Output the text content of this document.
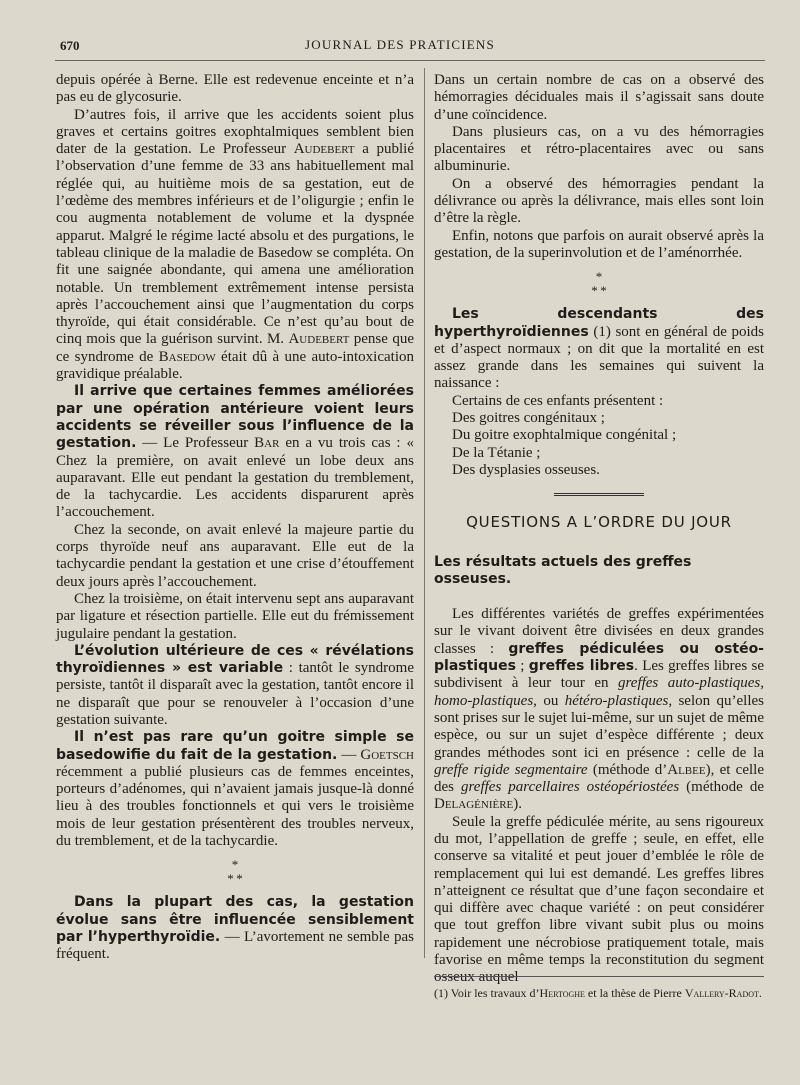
670	JOURNAL DES PRATICIENS

depuis opérée à Berne. Elle est redevenue enceinte et n’a pas eu de glycosurie.

D’autres fois, il arrive que les accidents soient plus graves et certains goitres exophtalmiques semblent bien dater de la gestation. Le Professeur Audebert a publié l’observation d’une femme de 33 ans habituellement mal réglée qui, au huitième mois de sa gestation, eut de l’œdème des membres inférieurs et de l’oligurgie ; enfin le cou augmenta notablement de volume et la dyspnée apparut. Malgré le régime lacté absolu et des purgations, le tableau clinique de la maladie de Basedow se compléta. On fit une saignée abondante, qui amena une amélioration notable. Un tremblement extrêmement intense persista après l’accouchement ainsi que l’augmentation du corps thyroïde, qui était considérable. Ce n’est qu’au bout de cinq mois que la guérison survint. M. Audebert pense que ce syndrome de Basedow était dû à une auto-intoxication gravidique préalable.

Il arrive que certaines femmes améliorées par une opération antérieure voient leurs accidents se réveiller sous l’influence de la gestation. — Le Professeur Bar en a vu trois cas : « Chez la première, on avait enlevé un lobe deux ans auparavant. Elle eut pendant la gestation du tremblement, de la tachycardie. Les accidents disparurent après l’accouchement.

Chez la seconde, on avait enlevé la majeure partie du corps thyroïde neuf ans auparavant. Elle eut de la tachycardie pendant la gestation et une crise d’étouffement deux jours après l’accouchement.

Chez la troisième, on était intervenu sept ans auparavant par ligature et résection partielle. Elle eut du frémissement jugulaire pendant la gestation.

L’évolution ultérieure de ces « révélations thyroïdiennes » est variable : tantôt le syndrome persiste, tantôt il disparaît avec la gestation, tantôt encore il ne disparaît que pour se renouveler à l’occasion d’une gestation suivante.

Il n’est pas rare qu’un goitre simple se basedowifie du fait de la gestation. — Goetsch récemment a publié plusieurs cas de femmes enceintes, porteurs d’adénomes, qui n’avaient jamais jusque-là donné lieu à des troubles fonctionnels et qui vers le troisième mois de leur gestation présentèrent des troubles nerveux, du tremblement, et de la tachycardie.

*
*  *

Dans la plupart des cas, la gestation évolue sans être influencée sensiblement par l’hyperthyroïdie. — L’avortement ne semble pas fréquent.

Dans un certain nombre de cas on a observé des hémorragies déciduales mais il s’agissait sans doute d’une coïncidence.

Dans plusieurs cas, on a vu des hémorragies placentaires et rétro-placentaires avec ou sans albuminurie.

On a observé des hémorragies pendant la délivrance ou après la délivrance, mais elles sont loin d’être la règle.

Enfin, notons que parfois on aurait observé après la gestation, de la superinvolution et de l’aménorrhée.

*
*  *

Les descendants des hyperthyroïdiennes (1) sont en général de poids et d’aspect normaux ; on dit que la mortalité en est assez grande dans les semaines qui suivent la naissance :

Certains de ces enfants présentent :

Des goitres congénitaux ;

Du goitre exophtalmique congénital ;

De la Tétanie ;

Des dysplasies osseuses.

QUESTIONS A L’ORDRE DU JOUR
Les résultats actuels des greffes osseuses.

Les différentes variétés de greffes expérimentées sur le vivant doivent être divisées en deux grandes classes : greffes pédiculées ou ostéo-plastiques ; greffes libres. Les greffes libres se subdivisent à leur tour en greffes auto-plastiques, homo-plastiques, ou hétéro-plastiques, selon qu’elles sont prises sur le sujet lui-même, sur un sujet de même espèce, ou sur un sujet d’espèce différente ; deux grandes méthodes sont ici en présence : celle de la greffe rigide segmentaire (méthode d’Albee), et celle des greffes parcellaires ostéopériostées (méthode de Delagénière).

Seule la greffe pédiculée mérite, au sens rigoureux du mot, l’appellation de greffe ; seule, en effet, elle conserve sa vitalité et peut jouer d’emblée le rôle de remplacement qui lui est demandé. Les greffes libres n’atteignent ce résultat que d’une façon secondaire et qui diffère avec chaque variété : on peut considérer que tout greffon libre vivant subit plus ou moins rapidement une nécrobiose pratiquement totale, mais favorise en même temps la reconstitution du segment osseux auquel

(1) Voir les travaux d’Hertoghe et la thèse de Pierre Vallery-Radot.
